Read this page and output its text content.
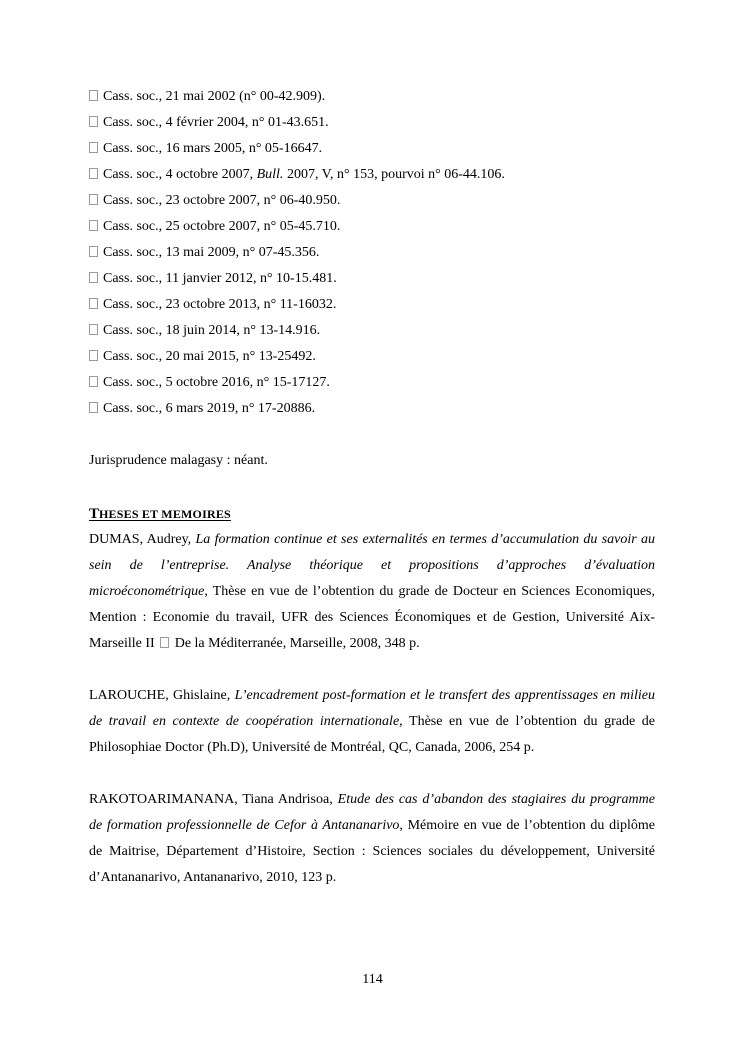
Cass. soc., 21 mai 2002 (n° 00-42.909).
Cass. soc., 4 février 2004, n° 01-43.651.
Cass. soc., 16 mars 2005, n° 05-16647.
Cass. soc., 4 octobre 2007, Bull. 2007, V, n° 153, pourvoi n° 06-44.106.
Cass. soc., 23 octobre 2007, n° 06-40.950.
Cass. soc., 25 octobre 2007, n° 05-45.710.
Cass. soc., 13 mai 2009, n° 07-45.356.
Cass. soc., 11 janvier 2012, n° 10-15.481.
Cass. soc., 23 octobre 2013, n° 11-16032.
Cass. soc., 18 juin 2014, n° 13-14.916.
Cass. soc., 20 mai 2015, n° 13-25492.
Cass. soc., 5 octobre 2016, n° 15-17127.
Cass. soc., 6 mars 2019, n° 17-20886.
Jurisprudence malagasy : néant.
THESES ET MEMOIRES

DUMAS, Audrey, La formation continue et ses externalités en termes d’accumulation du savoir au sein de l’entreprise. Analyse théorique et propositions d’approches d’évaluation microéconométrique, Thèse en vue de l’obtention du grade de Docteur en Sciences Economiques, Mention : Economie du travail, UFR des Sciences Économiques et de Gestion, Université Aix-Marseille II  De la Méditerranée, Marseille, 2008, 348 p.

LAROUCHE, Ghislaine, L’encadrement post-formation et le transfert des apprentissages en milieu de travail en contexte de coopération internationale, Thèse en vue de l’obtention du grade de Philosophiae Doctor (Ph.D), Université de Montréal, QC, Canada, 2006, 254 p.

RAKOTOARIMANANA, Tiana Andrisoa, Etude des cas d’abandon des stagiaires du programme de formation professionnelle de Cefor à Antananarivo, Mémoire en vue de l’obtention du diplôme de Maitrise, Département d’Histoire, Section : Sciences sociales du développement, Université d’Antananarivo, Antananarivo, 2010, 123 p.

114
